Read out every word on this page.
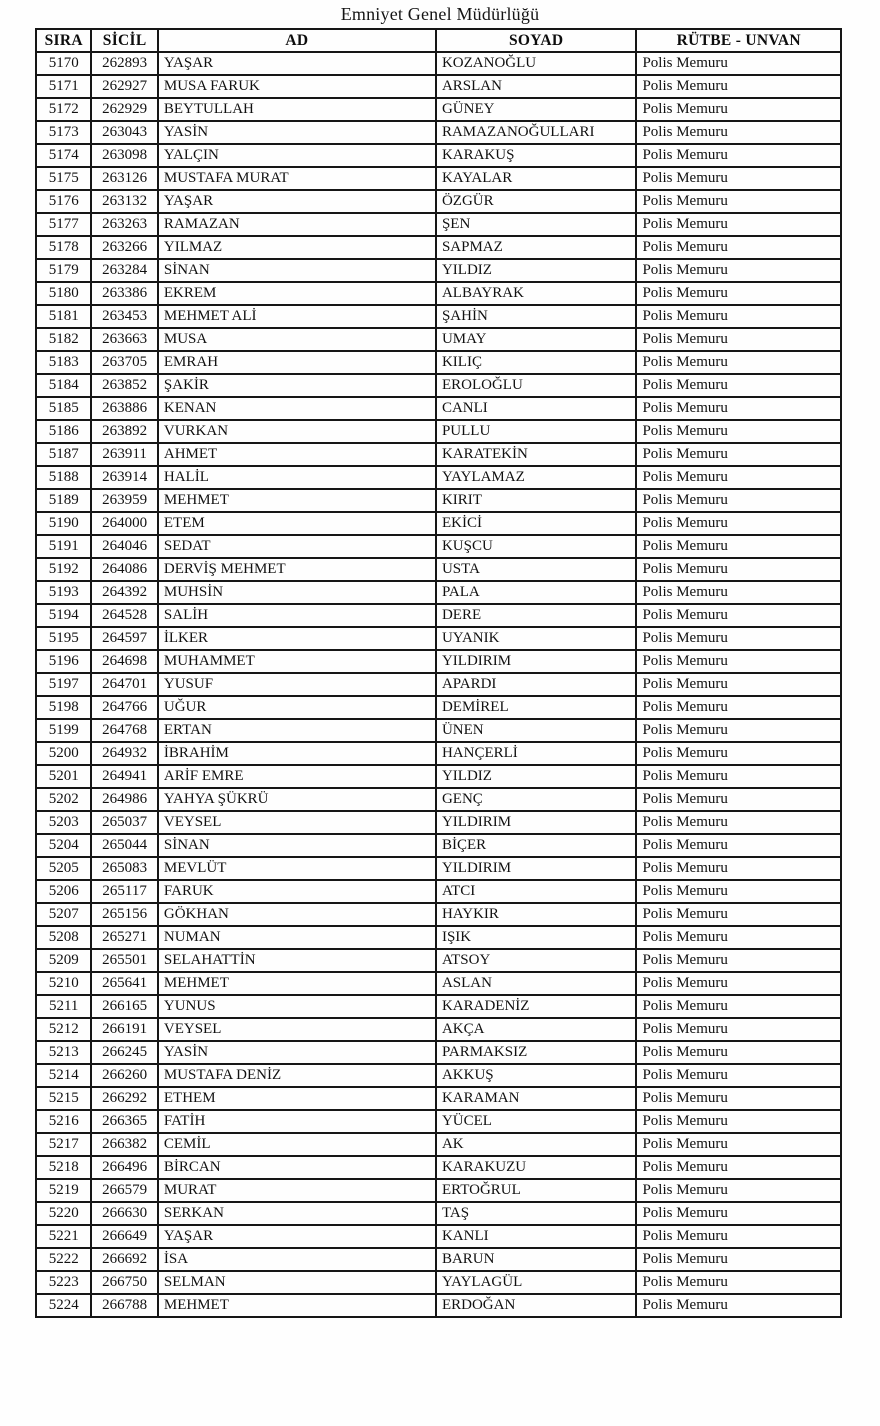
Emniyet Genel Müdürlüğü
SIRA	SİCİL	AD	SOYAD	RÜTBE - UNVAN
5170	262893	YAŞAR	KOZANOĞLU	Polis Memuru
5171	262927	MUSA FARUK	ARSLAN	Polis Memuru
5172	262929	BEYTULLAH	GÜNEY	Polis Memuru
5173	263043	YASİN	RAMAZANOĞULLARI	Polis Memuru
5174	263098	YALÇIN	KARAKUŞ	Polis Memuru
5175	263126	MUSTAFA MURAT	KAYALAR	Polis Memuru
5176	263132	YAŞAR	ÖZGÜR	Polis Memuru
5177	263263	RAMAZAN	ŞEN	Polis Memuru
5178	263266	YILMAZ	SAPMAZ	Polis Memuru
5179	263284	SİNAN	YILDIZ	Polis Memuru
5180	263386	EKREM	ALBAYRAK	Polis Memuru
5181	263453	MEHMET ALİ	ŞAHİN	Polis Memuru
5182	263663	MUSA	UMAY	Polis Memuru
5183	263705	EMRAH	KILIÇ	Polis Memuru
5184	263852	ŞAKİR	EROLOĞLU	Polis Memuru
5185	263886	KENAN	CANLI	Polis Memuru
5186	263892	VURKAN	PULLU	Polis Memuru
5187	263911	AHMET	KARATEKİN	Polis Memuru
5188	263914	HALİL	YAYLAMAZ	Polis Memuru
5189	263959	MEHMET	KIRIT	Polis Memuru
5190	264000	ETEM	EKİCİ	Polis Memuru
5191	264046	SEDAT	KUŞCU	Polis Memuru
5192	264086	DERVİŞ MEHMET	USTA	Polis Memuru
5193	264392	MUHSİN	PALA	Polis Memuru
5194	264528	SALİH	DERE	Polis Memuru
5195	264597	İLKER	UYANIK	Polis Memuru
5196	264698	MUHAMMET	YILDIRIM	Polis Memuru
5197	264701	YUSUF	APARDI	Polis Memuru
5198	264766	UĞUR	DEMİREL	Polis Memuru
5199	264768	ERTAN	ÜNEN	Polis Memuru
5200	264932	İBRAHİM	HANÇERLİ	Polis Memuru
5201	264941	ARİF EMRE	YILDIZ	Polis Memuru
5202	264986	YAHYA ŞÜKRÜ	GENÇ	Polis Memuru
5203	265037	VEYSEL	YILDIRIM	Polis Memuru
5204	265044	SİNAN	BİÇER	Polis Memuru
5205	265083	MEVLÜT	YILDIRIM	Polis Memuru
5206	265117	FARUK	ATCI	Polis Memuru
5207	265156	GÖKHAN	HAYKIR	Polis Memuru
5208	265271	NUMAN	IŞIK	Polis Memuru
5209	265501	SELAHATTİN	ATSOY	Polis Memuru
5210	265641	MEHMET	ASLAN	Polis Memuru
5211	266165	YUNUS	KARADENİZ	Polis Memuru
5212	266191	VEYSEL	AKÇA	Polis Memuru
5213	266245	YASİN	PARMAKSIZ	Polis Memuru
5214	266260	MUSTAFA DENİZ	AKKUŞ	Polis Memuru
5215	266292	ETHEM	KARAMAN	Polis Memuru
5216	266365	FATİH	YÜCEL	Polis Memuru
5217	266382	CEMİL	AK	Polis Memuru
5218	266496	BİRCAN	KARAKUZU	Polis Memuru
5219	266579	MURAT	ERTOĞRUL	Polis Memuru
5220	266630	SERKAN	TAŞ	Polis Memuru
5221	266649	YAŞAR	KANLI	Polis Memuru
5222	266692	İSA	BARUN	Polis Memuru
5223	266750	SELMAN	YAYLAGÜL	Polis Memuru
5224	266788	MEHMET	ERDOĞAN	Polis Memuru
